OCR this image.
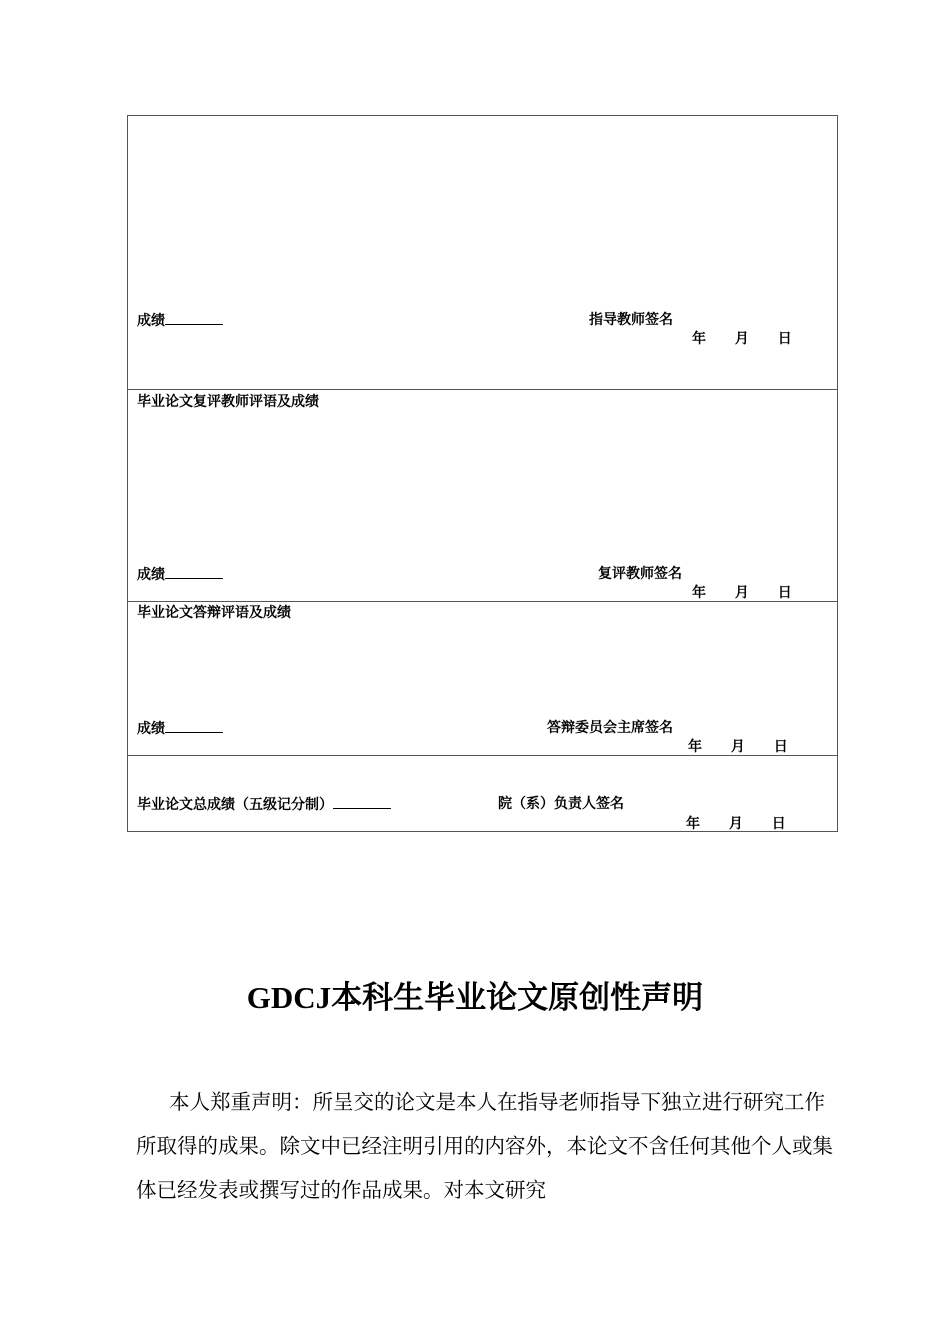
成绩	指导教师签名
年 月 日
毕业论文复评教师评语及成绩
成绩	复评教师签名
年 月 日
毕业论文答辩评语及成绩
成绩	答辩委员会主席签名
年 月 日
毕业论文总成绩（五级记分制）	院（系）负责人签名
年 月 日
GDCJ本科生毕业论文原创性声明
本人郑重声明：所呈交的论文是本人在指导老师指导下独立进行研究工作所取得的成果。除文中已经注明引用的内容外，本论文不含任何其他个人或集体已经发表或撰写过的作品成果。对本文研究
